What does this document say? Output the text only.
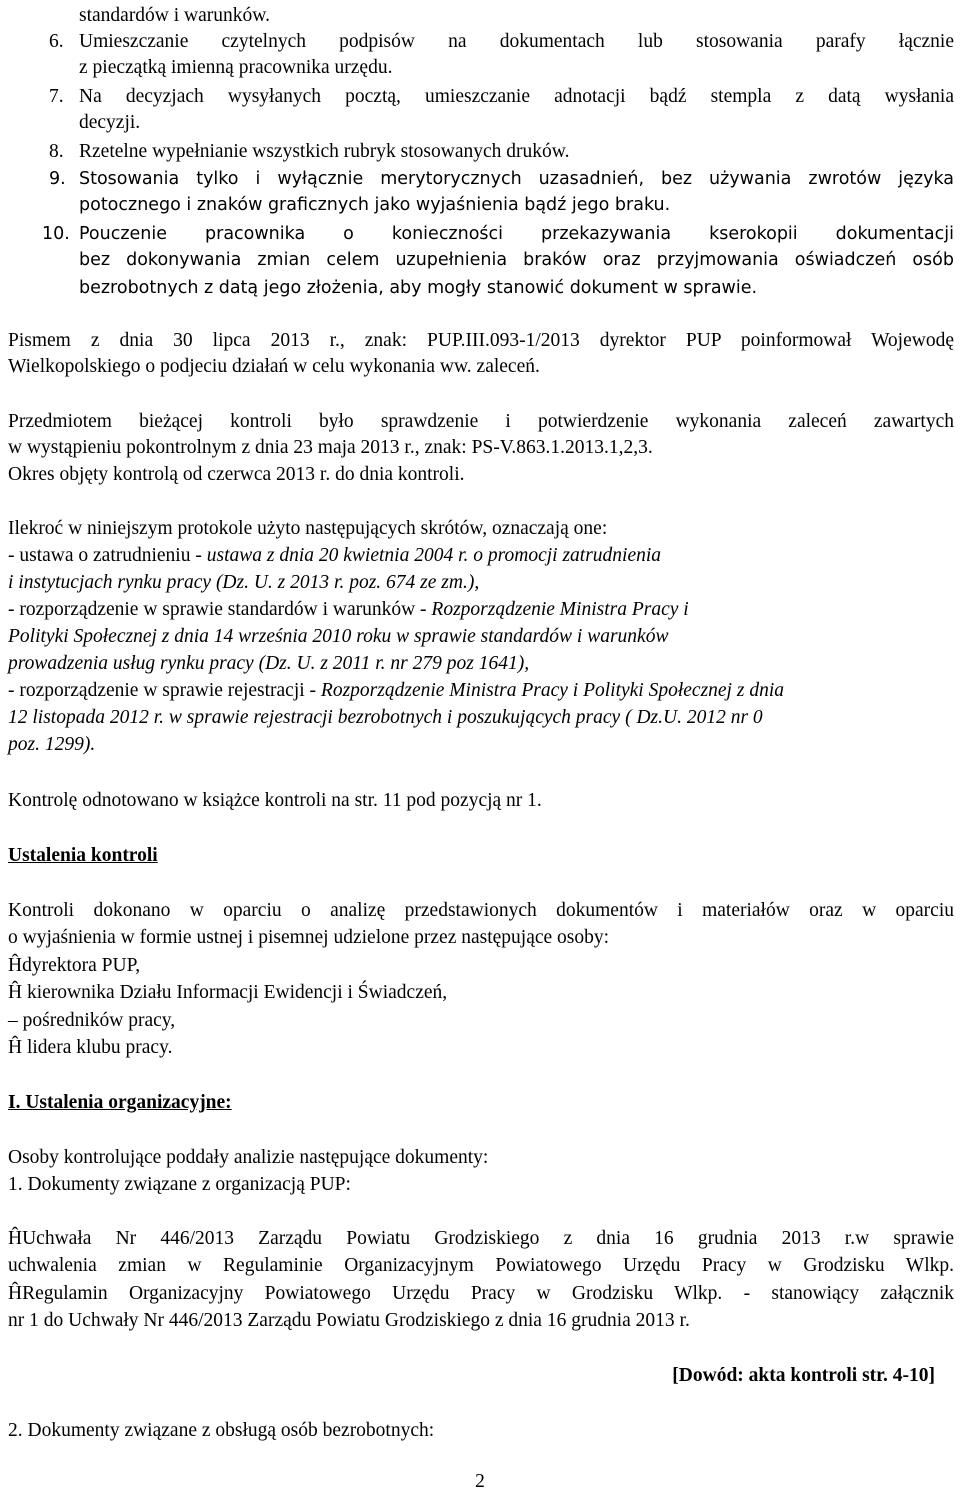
standardów i warunków.
6. Umieszczanie czytelnych podpisów na dokumentach lub stosowania parafy łącznie
z pieczątką imienną pracownika urzędu.
7. Na decyzjach wysyłanych pocztą, umieszczanie adnotacji bądź stempla z datą wysłania
decyzji.
8. Rzetelne wypełnianie wszystkich rubryk stosowanych druków.
9. Stosowania tylko i wyłącznie merytorycznych uzasadnień, bez używania zwrotów języka
potocznego i znaków graficznych jako wyjaśnienia bądź jego braku.
10. Pouczenie pracownika o konieczności przekazywania kserokopii dokumentacji
bez dokonywania zmian celem uzupełnienia braków oraz przyjmowania oświadczeń osób
bezrobotnych z datą jego złożenia, aby mogły stanowić dokument w sprawie.
Pismem z dnia 30 lipca 2013 r., znak: PUP.III.093-1/2013 dyrektor PUP poinformował Wojewodę
Wielkopolskiego o podjeciu działań w celu wykonania ww. zaleceń.
Przedmiotem bieżącej kontroli było sprawdzenie i potwierdzenie wykonania zaleceń zawartych
w wystąpieniu pokontrolnym z dnia 23 maja 2013 r., znak: PS-V.863.1.2013.1,2,3.
Okres objęty kontrolą od czerwca 2013 r. do dnia kontroli.
Ilekroć w niniejszym protokole użyto następujących skrótów, oznaczają one:
- ustawa o zatrudnieniu - ustawa z dnia 20 kwietnia 2004 r. o promocji zatrudnienia
i instytucjach rynku pracy (Dz. U. z 2013 r. poz. 674 ze zm.),
- rozporządzenie w sprawie standardów i warunków - Rozporządzenie Ministra Pracy i
Polityki Społecznej z dnia 14 września 2010 roku w sprawie standardów i warunków
prowadzenia usług rynku pracy (Dz. U. z 2011 r. nr 279 poz 1641),
- rozporządzenie w sprawie rejestracji - Rozporządzenie Ministra Pracy i Polityki Społecznej z dnia
12 listopada 2012 r. w sprawie rejestracji bezrobotnych i poszukujących pracy ( Dz.U. 2012 nr 0
poz. 1299).
Kontrolę odnotowano w książce kontroli na str. 11 pod pozycją nr 1.
Ustalenia kontroli
Kontroli dokonano w oparciu o analizę przedstawionych dokumentów i materiałów oraz w oparciu
o wyjaśnienia w formie ustnej i pisemnej udzielone przez następujące osoby:
Ĥdyrektora PUP,
Ĥ kierownika Działu Informacji Ewidencji i Świadczeń,
– pośredników pracy,
Ĥ lidera klubu pracy.
I. Ustalenia organizacyjne:
Osoby kontrolujące poddały analizie następujące dokumenty:
1. Dokumenty związane z organizacją PUP:
ĤUchwała Nr 446/2013 Zarządu Powiatu Grodziskiego z dnia 16 grudnia 2013 r.w sprawie
uchwalenia zmian w Regulaminie Organizacyjnym Powiatowego Urzędu Pracy w Grodzisku Wlkp.
ĤRegulamin Organizacyjny Powiatowego Urzędu Pracy w Grodzisku Wlkp. - stanowiący załącznik
nr 1 do Uchwały Nr 446/2013 Zarządu Powiatu Grodziskiego z dnia 16 grudnia 2013 r.
[Dowód: akta kontroli str. 4-10]
2. Dokumenty związane z obsługą osób bezrobotnych:
2
